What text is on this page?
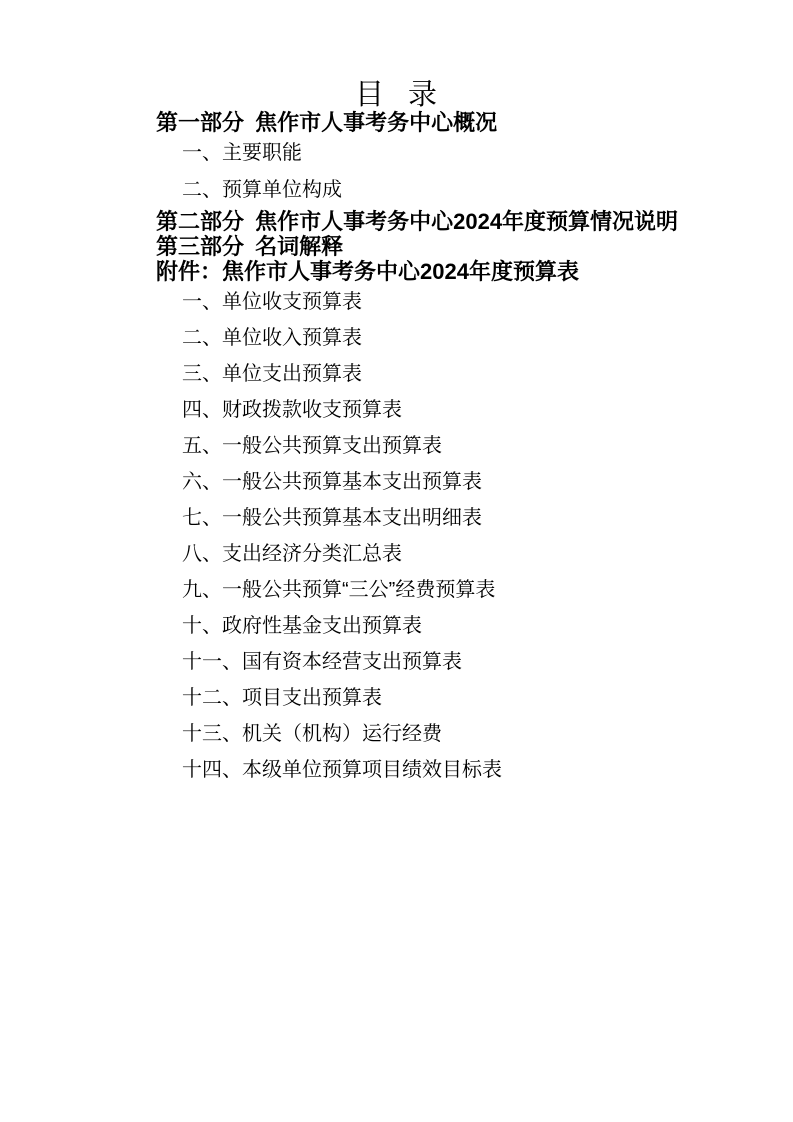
目 录
第一部分 焦作市人事考务中心概况
一、主要职能
二、预算单位构成
第二部分 焦作市人事考务中心2024年度预算情况说明
第三部分 名词解释
附件：焦作市人事考务中心2024年度预算表
一、单位收支预算表
二、单位收入预算表
三、单位支出预算表
四、财政拨款收支预算表
五、一般公共预算支出预算表
六、一般公共预算基本支出预算表
七、一般公共预算基本支出明细表
八、支出经济分类汇总表
九、一般公共预算“三公”经费预算表
十、政府性基金支出预算表
十一、国有资本经营支出预算表
十二、项目支出预算表
十三、机关（机构）运行经费
十四、本级单位预算项目绩效目标表
